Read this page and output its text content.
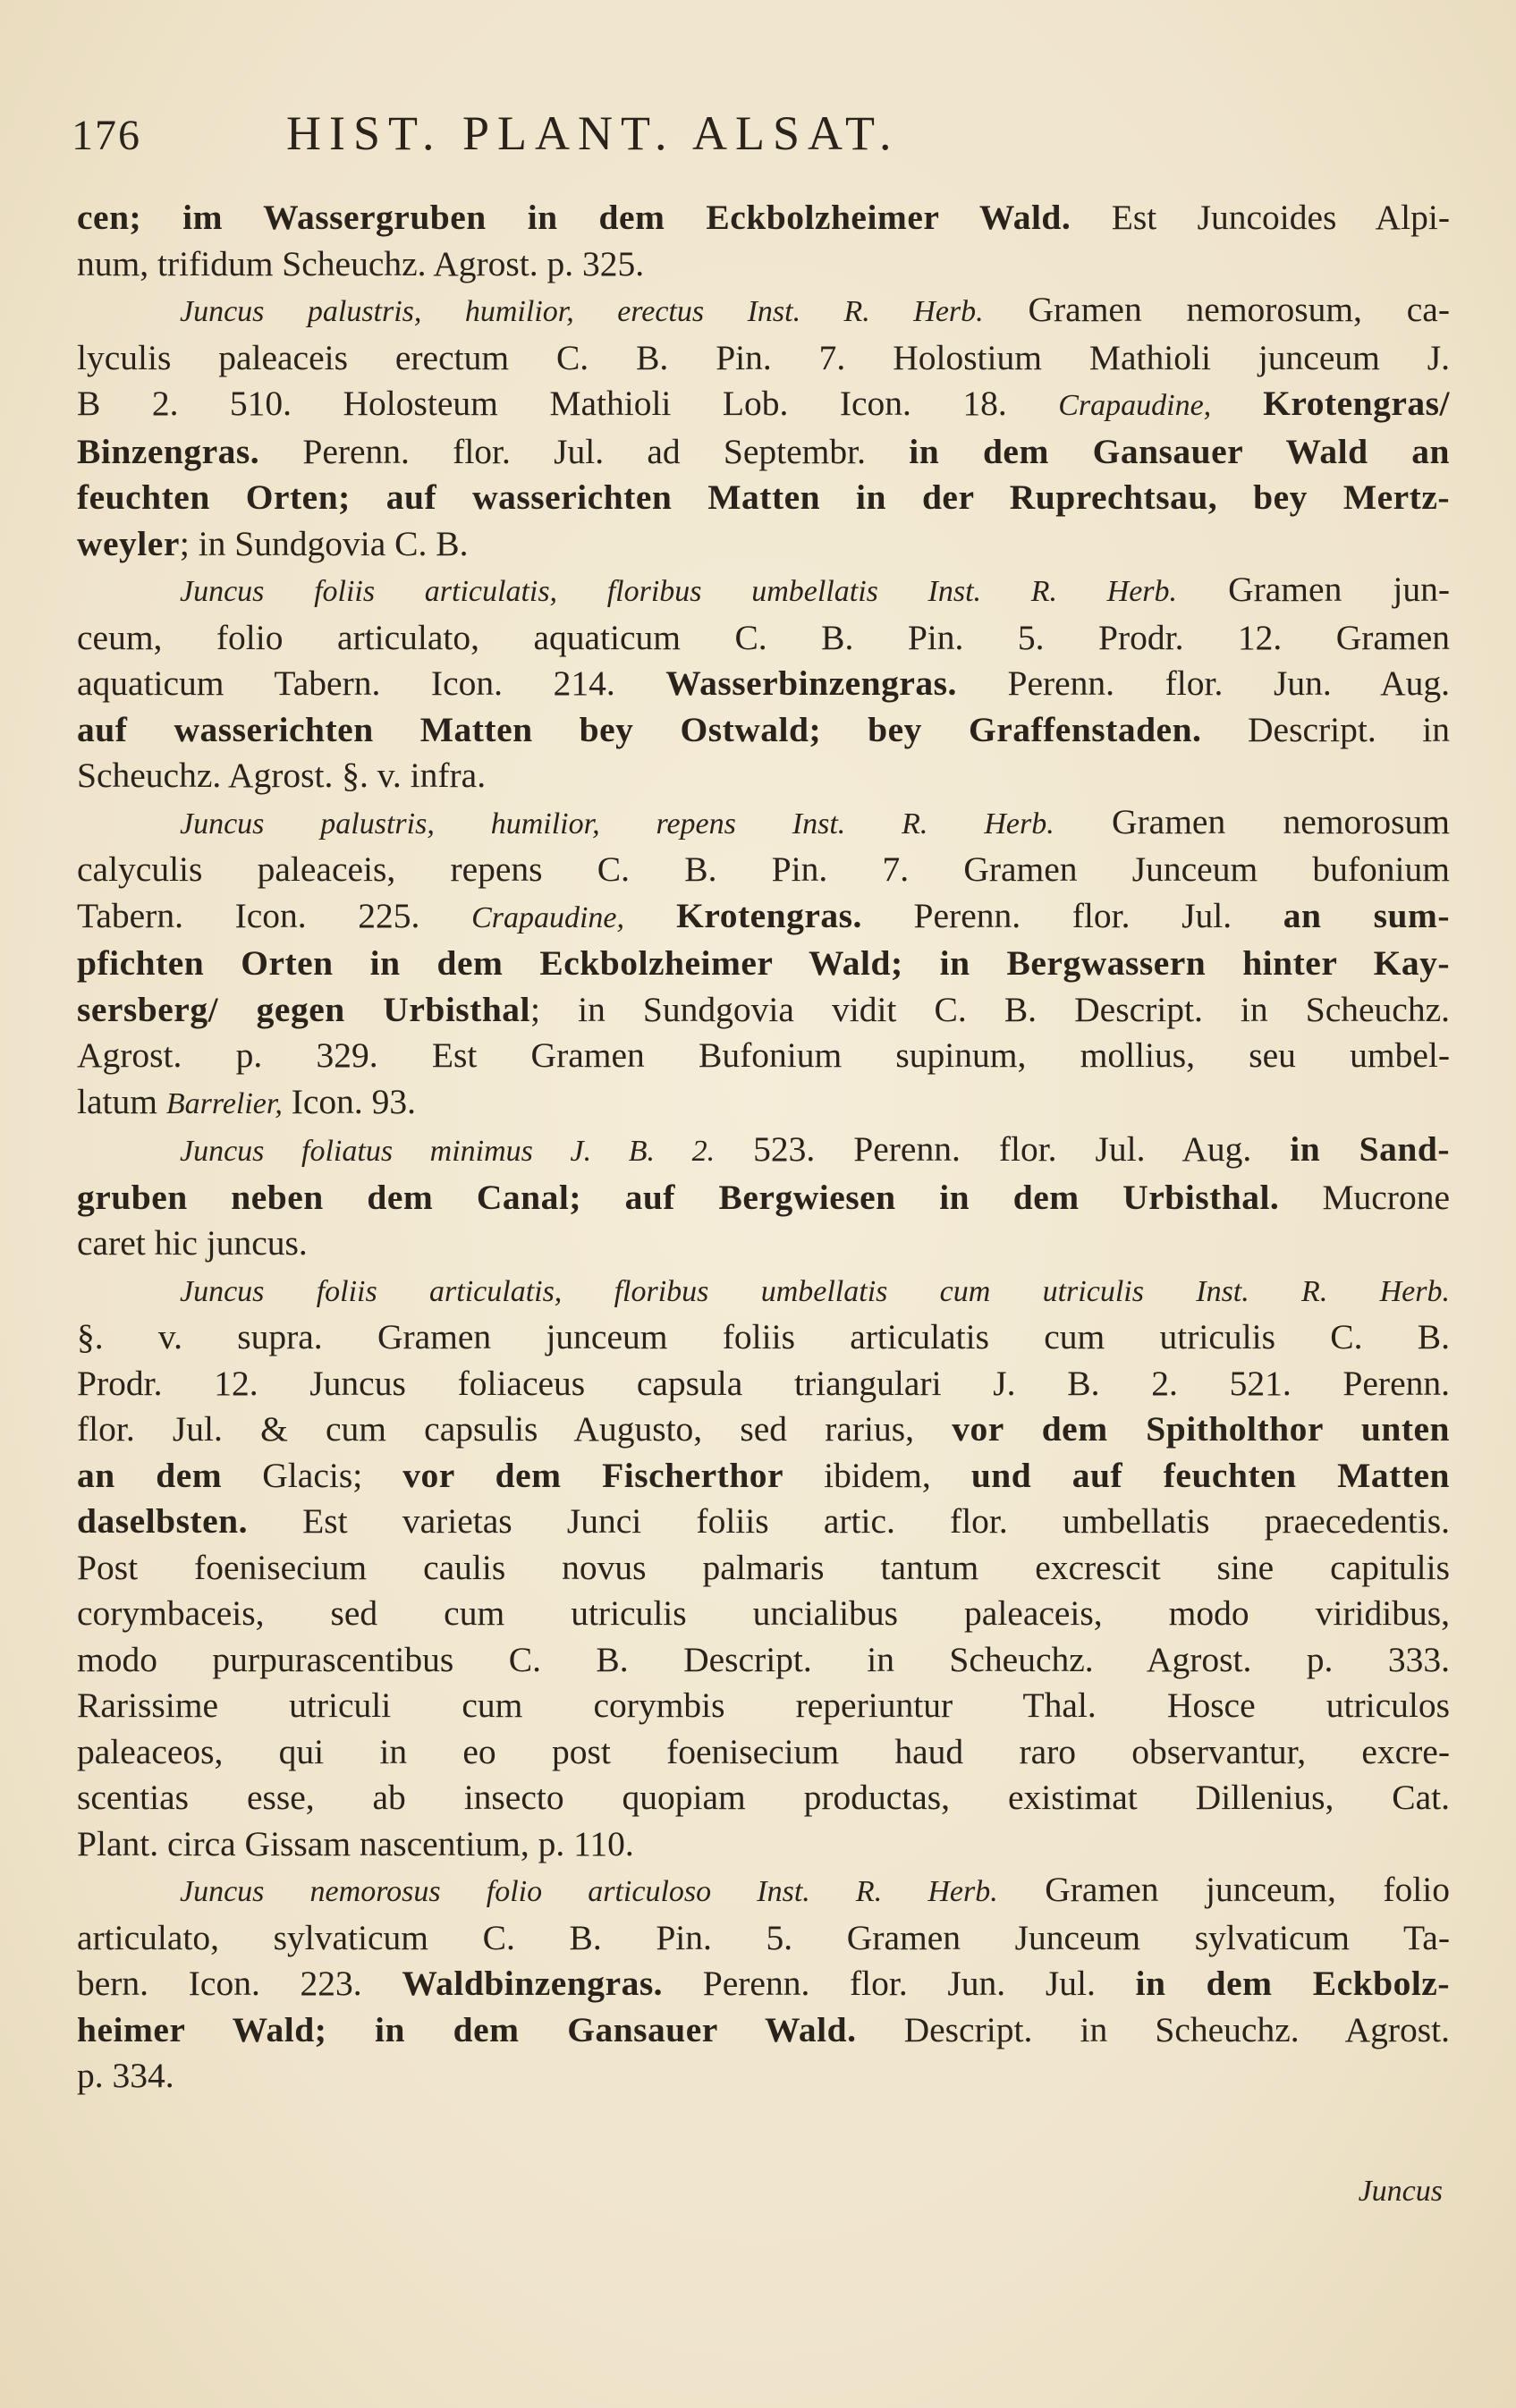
176	HIST. PLANT. ALSAT.
cen; im Wassergruben in dem Eckbolzheimer Wald. Est Juncoides Alpi-
num, trifidum Scheuchz. Agrost. p. 325.
Juncus palustris, humilior, erectus Inst. R. Herb. Gramen nemorosum, ca-
lyculis paleaceis erectum C. B. Pin. 7. Holostium Mathioli junceum J.
B 2. 510. Holosteum Mathioli Lob. Icon. 18. Crapaudine, Krotengras/
Binzengras. Perenn. flor. Jul. ad Septembr. in dem Gansauer Wald an
feuchten Orten; auf wasserichten Matten in der Ruprechtsau, bey Mertz-
weyler; in Sundgovia C. B.
Juncus foliis articulatis, floribus umbellatis Inst. R. Herb. Gramen jun-
ceum, folio articulato, aquaticum C. B. Pin. 5. Prodr. 12. Gramen
aquaticum Tabern. Icon. 214. Wasserbinzengras. Perenn. flor. Jun. Aug.
auf wasserichten Matten bey Ostwald; bey Graffenstaden. Descript. in
Scheuchz. Agrost. §. v. infra.
Juncus palustris, humilior, repens Inst. R. Herb. Gramen nemorosum
calyculis paleaceis, repens C. B. Pin. 7. Gramen Junceum bufonium
Tabern. Icon. 225. Crapaudine, Krotengras. Perenn. flor. Jul. an sum-
pfichten Orten in dem Eckbolzheimer Wald; in Bergwassern hinter Kay-
sersberg/ gegen Urbisthal; in Sundgovia vidit C. B. Descript. in Scheuchz.
Agrost. p. 329. Est Gramen Bufonium supinum, mollius, seu umbel-
latum Barrelier, Icon. 93.
Juncus foliatus minimus J. B. 2. 523. Perenn. flor. Jul. Aug. in Sand-
gruben neben dem Canal; auf Bergwiesen in dem Urbisthal. Mucrone
caret hic juncus.
Juncus foliis articulatis, floribus umbellatis cum utriculis Inst. R. Herb.
§. v. supra. Gramen junceum foliis articulatis cum utriculis C. B.
Prodr. 12. Juncus foliaceus capsula triangulari J. B. 2. 521. Perenn.
flor. Jul. & cum capsulis Augusto, sed rarius, vor dem Spitholthor unten
an dem Glacis; vor dem Fischerthor ibidem, und auf feuchten Matten
daselbsten. Est varietas Junci foliis artic. flor. umbellatis praecedentis.
Post foenisecium caulis novus palmaris tantum excrescit sine capitulis
corymbaceis, sed cum utriculis uncialibus paleaceis, modo viridibus,
modo purpurascentibus C. B. Descript. in Scheuchz. Agrost. p. 333.
Rarissime utriculi cum corymbis reperiuntur Thal. Hosce utriculos
paleaceos, qui in eo post foenisecium haud raro observantur, excre-
scentias esse, ab insecto quopiam productas, existimat Dillenius, Cat.
Plant. circa Gissam nascentium, p. 110.
Juncus nemorosus folio articuloso Inst. R. Herb. Gramen junceum, folio
articulato, sylvaticum C. B. Pin. 5. Gramen Junceum sylvaticum Ta-
bern. Icon. 223. Waldbinzengras. Perenn. flor. Jun. Jul. in dem Eckbolz-
heimer Wald; in dem Gansauer Wald. Descript. in Scheuchz. Agrost.
p. 334.
Juncus
